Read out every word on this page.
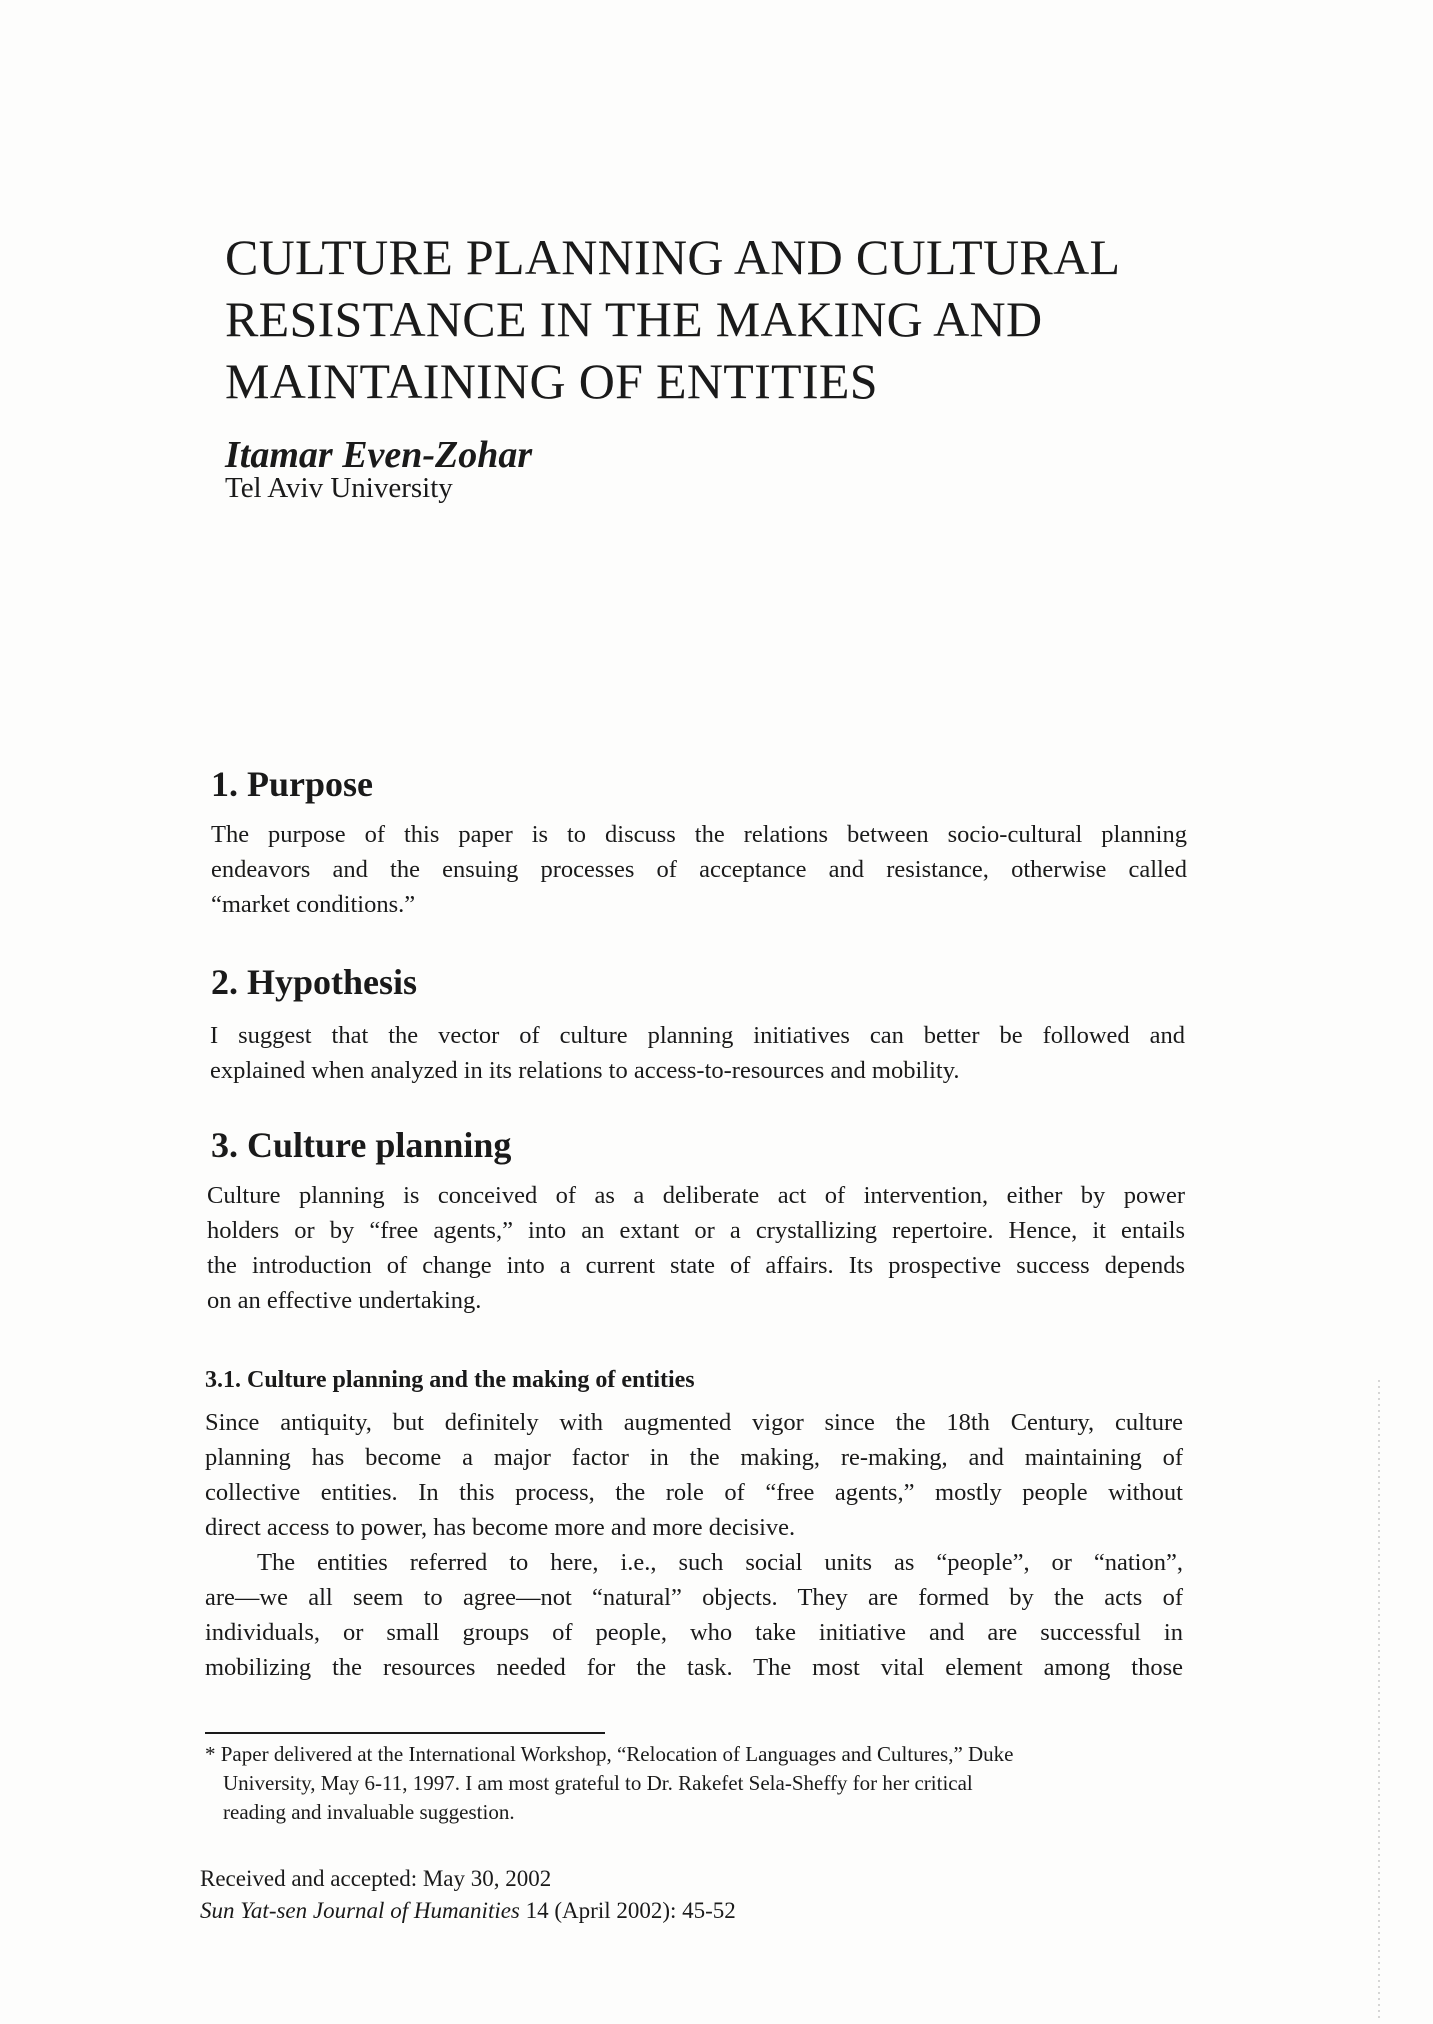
CULTURE PLANNING AND CULTURAL
RESISTANCE IN THE MAKING AND
MAINTAINING OF ENTITIES
Itamar Even-Zohar
Tel Aviv University
1. Purpose
The purpose of this paper is to discuss the relations between socio-cultural planning
endeavors and the ensuing processes of acceptance and resistance, otherwise called
“market conditions.”
2. Hypothesis
I suggest that the vector of culture planning initiatives can better be followed and
explained when analyzed in its relations to access-to-resources and mobility.
3. Culture planning
Culture planning is conceived of as a deliberate act of intervention, either by power
holders or by “free agents,” into an extant or a crystallizing repertoire. Hence, it entails
the introduction of change into a current state of affairs. Its prospective success depends
on an effective undertaking.
3.1. Culture planning and the making of entities
Since antiquity, but definitely with augmented vigor since the 18th Century, culture
planning has become a major factor in the making, re-making, and maintaining of
collective entities. In this process, the role of “free agents,” mostly people without
direct access to power, has become more and more decisive.
The entities referred to here, i.e., such social units as “people”, or “nation”,
are—we all seem to agree—not “natural” objects. They are formed by the acts of
individuals, or small groups of people, who take initiative and are successful in
mobilizing the resources needed for the task. The most vital element among those
* Paper delivered at the International Workshop, “Relocation of Languages and Cultures,” Duke
University, May 6-11, 1997. I am most grateful to Dr. Rakefet Sela-Sheffy for her critical
reading and invaluable suggestion.
Received and accepted: May 30, 2002
Sun Yat-sen Journal of Humanities 14 (April 2002): 45-52
